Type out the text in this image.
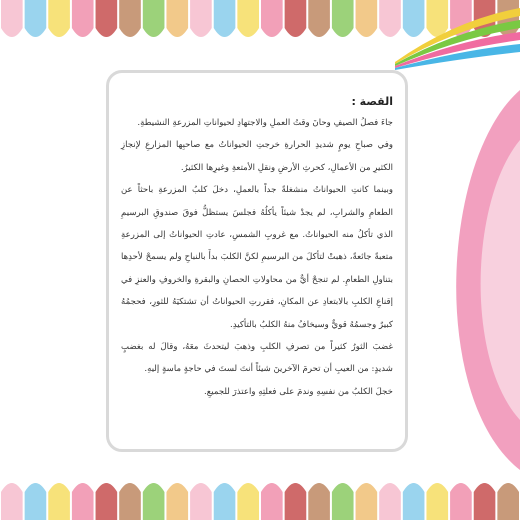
القصة :

جاءَ فصلُ الصيفِ وحانَ وقتُ العملِ والاجتهادِ لحيواناتِ المزرعةِ النشيطةِ.

وفي صباحِ يومٍ شديدِ الحرارةِ خرجتِ الحيواناتُ مع صاحبِها المزارعِ لإنجازِ الكثيرِ من الأعمالِ، كحرثِ الأرضِ ونقلِ الأمتعةِ وغيرِها الكثيرُ.

وبينما كانتِ الحيواناتُ منشغلةً جداً بالعملِ، دخلَ كلبُ المزرعةِ باحثاً عن الطعامِ والشرابِ، لم يجدْ شيئاً يأكلُهُ فجلسَ يستظلُّ فوقَ صندوقِ البرسيمِ الذي تأكلُ منه الحيواناتُ. مع غروبِ الشمسِ، عادتِ الحيواناتُ إلى المزرعةِ متعبةً جائعةً، ذهبتْ لتأكلَ من البرسيمِ لكنَّ الكلبَ بدأَ بالنباحِ ولم يسمحْ لأحدِها بتناولِ الطعامِ. لم تنجحْ أيٌّ من محاولاتِ الحصانِ والبقرةِ والخروفِ والعنزِ في إقناعِ الكلبِ بالابتعادِ عن المكانِ، فقررتِ الحيواناتُ أن تشتكيَهُ للثورِ، فحجمُهُ كبيرٌ وجسمُهُ قويٌّ وسيخافُ منهُ الكلبُ بالتأكيدِ.

غضبَ الثورُ كثيراً من تصرفِ الكلبِ وذهبَ ليتحدثَ معَهُ، وقالَ له بغضبٍ شديدٍ: من العيبِ أن تحرمَ الآخرينَ شيئاً أنتَ لستَ في حاجةٍ ماسةٍ إليهِ.

خجلَ الكلبُ من نفسِهِ وندمَ على فعلتِهِ واعتذرَ للجميعِ.
